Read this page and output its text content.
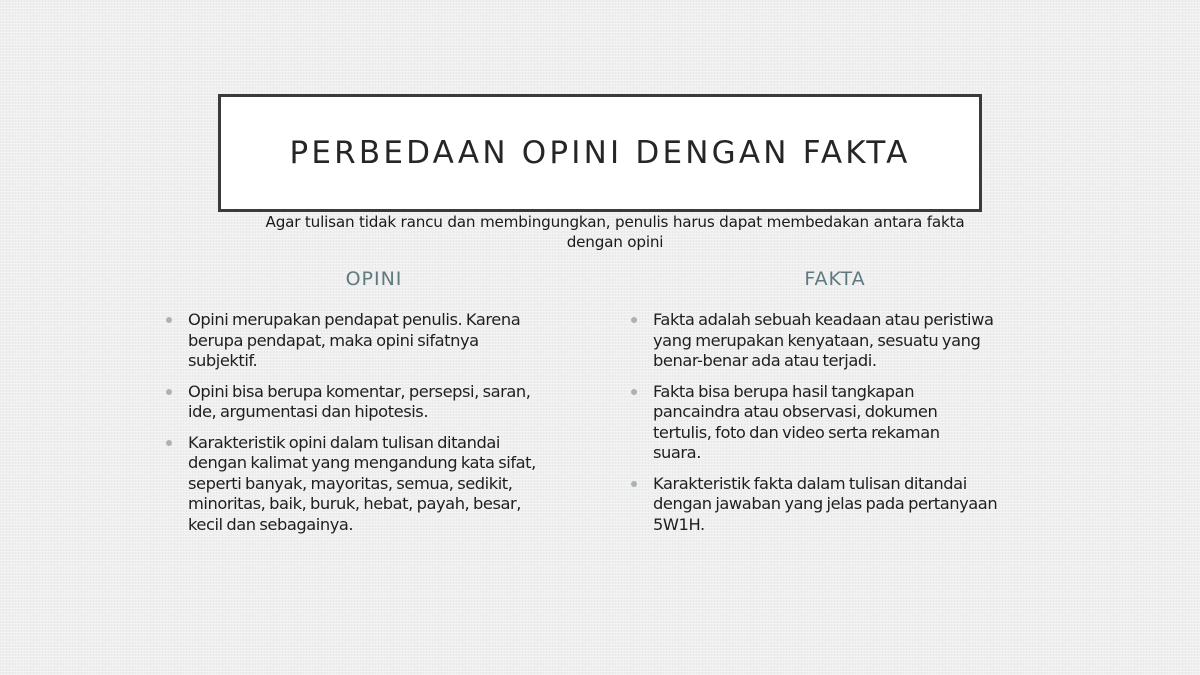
PERBEDAAN OPINI DENGAN FAKTA
Agar tulisan tidak rancu dan membingungkan, penulis harus dapat membedakan antara fakta
dengan opini
OPINI
Opini merupakan pendapat penulis. Karena
berupa pendapat, maka opini sifatnya
subjektif.
Opini bisa berupa komentar, persepsi, saran,
ide, argumentasi dan hipotesis.
Karakteristik opini dalam tulisan ditandai
dengan kalimat yang mengandung kata sifat,
seperti banyak, mayoritas, semua, sedikit,
minoritas, baik, buruk, hebat, payah, besar,
kecil dan sebagainya.
FAKTA
Fakta adalah sebuah keadaan atau peristiwa
yang merupakan kenyataan, sesuatu yang
benar-benar ada atau terjadi.
Fakta bisa berupa hasil tangkapan
pancaindra atau observasi, dokumen
tertulis, foto dan video serta rekaman
suara.
Karakteristik fakta dalam tulisan ditandai
dengan jawaban yang jelas pada pertanyaan
5W1H.
